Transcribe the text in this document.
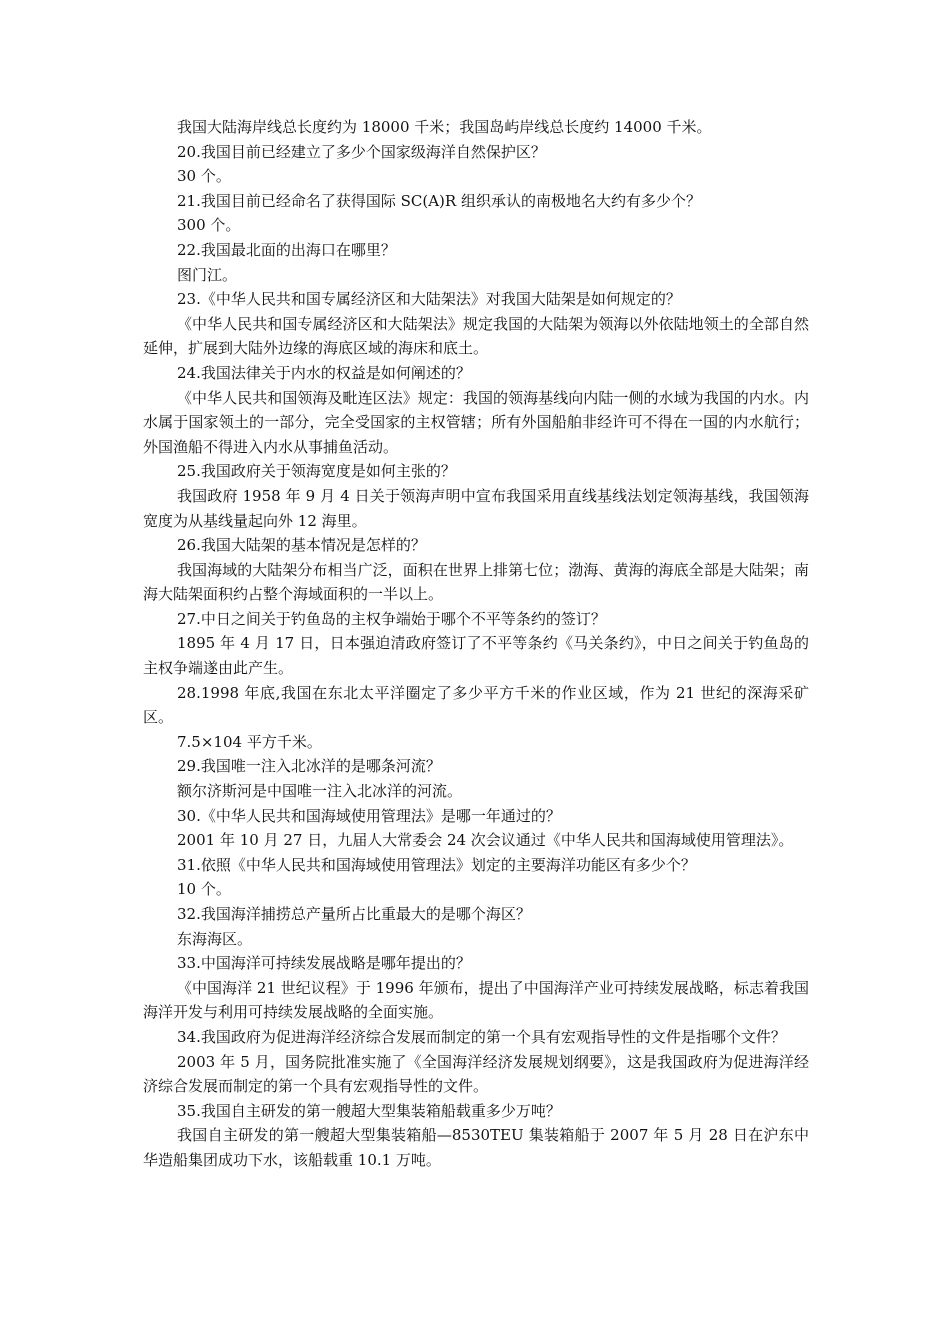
我国大陆海岸线总长度约为 18000 千米；我国岛屿岸线总长度约 14000 千米。

20.我国目前已经建立了多少个国家级海洋自然保护区？

30 个。

21.我国目前已经命名了获得国际 SC(A)R 组织承认的南极地名大约有多少个？

300 个。

22.我国最北面的出海口在哪里？

图门江。

23.《中华人民共和国专属经济区和大陆架法》对我国大陆架是如何规定的？

《中华人民共和国专属经济区和大陆架法》规定我国的大陆架为领海以外依陆地领土的全部自然延伸，扩展到大陆外边缘的海底区域的海床和底土。

24.我国法律关于内水的权益是如何阐述的？

《中华人民共和国领海及毗连区法》规定：我国的领海基线向内陆一侧的水域为我国的内水。内水属于国家领土的一部分，完全受国家的主权管辖；所有外国船舶非经许可不得在一国的内水航行；外国渔船不得进入内水从事捕鱼活动。

25.我国政府关于领海宽度是如何主张的？

我国政府 1958 年 9 月 4 日关于领海声明中宣布我国采用直线基线法划定领海基线，我国领海宽度为从基线量起向外 12 海里。

26.我国大陆架的基本情况是怎样的？

我国海域的大陆架分布相当广泛，面积在世界上排第七位；渤海、黄海的海底全部是大陆架；南海大陆架面积约占整个海域面积的一半以上。

27.中日之间关于钓鱼岛的主权争端始于哪个不平等条约的签订？

1895 年 4 月 17 日，日本强迫清政府签订了不平等条约《马关条约》，中日之间关于钓鱼岛的主权争端遂由此产生。

28.1998 年底,我国在东北太平洋圈定了多少平方千米的作业区域，作为 21 世纪的深海采矿区。

7.5×104 平方千米。

29.我国唯一注入北冰洋的是哪条河流？

额尔济斯河是中国唯一注入北冰洋的河流。

30.《中华人民共和国海域使用管理法》是哪一年通过的？

2001 年 10 月 27 日，九届人大常委会 24 次会议通过《中华人民共和国海域使用管理法》。

31.依照《中华人民共和国海域使用管理法》划定的主要海洋功能区有多少个？

10 个。

32.我国海洋捕捞总产量所占比重最大的是哪个海区？

东海海区。

33.中国海洋可持续发展战略是哪年提出的？

《中国海洋 21 世纪议程》于 1996 年颁布，提出了中国海洋产业可持续发展战略，标志着我国海洋开发与利用可持续发展战略的全面实施。

34.我国政府为促进海洋经济综合发展而制定的第一个具有宏观指导性的文件是指哪个文件？

2003 年 5 月，国务院批准实施了《全国海洋经济发展规划纲要》，这是我国政府为促进海洋经济综合发展而制定的第一个具有宏观指导性的文件。

35.我国自主研发的第一艘超大型集装箱船载重多少万吨？

我国自主研发的第一艘超大型集装箱船—8530TEU 集装箱船于 2007 年 5 月 28 日在沪东中华造船集团成功下水，该船载重 10.1 万吨。
